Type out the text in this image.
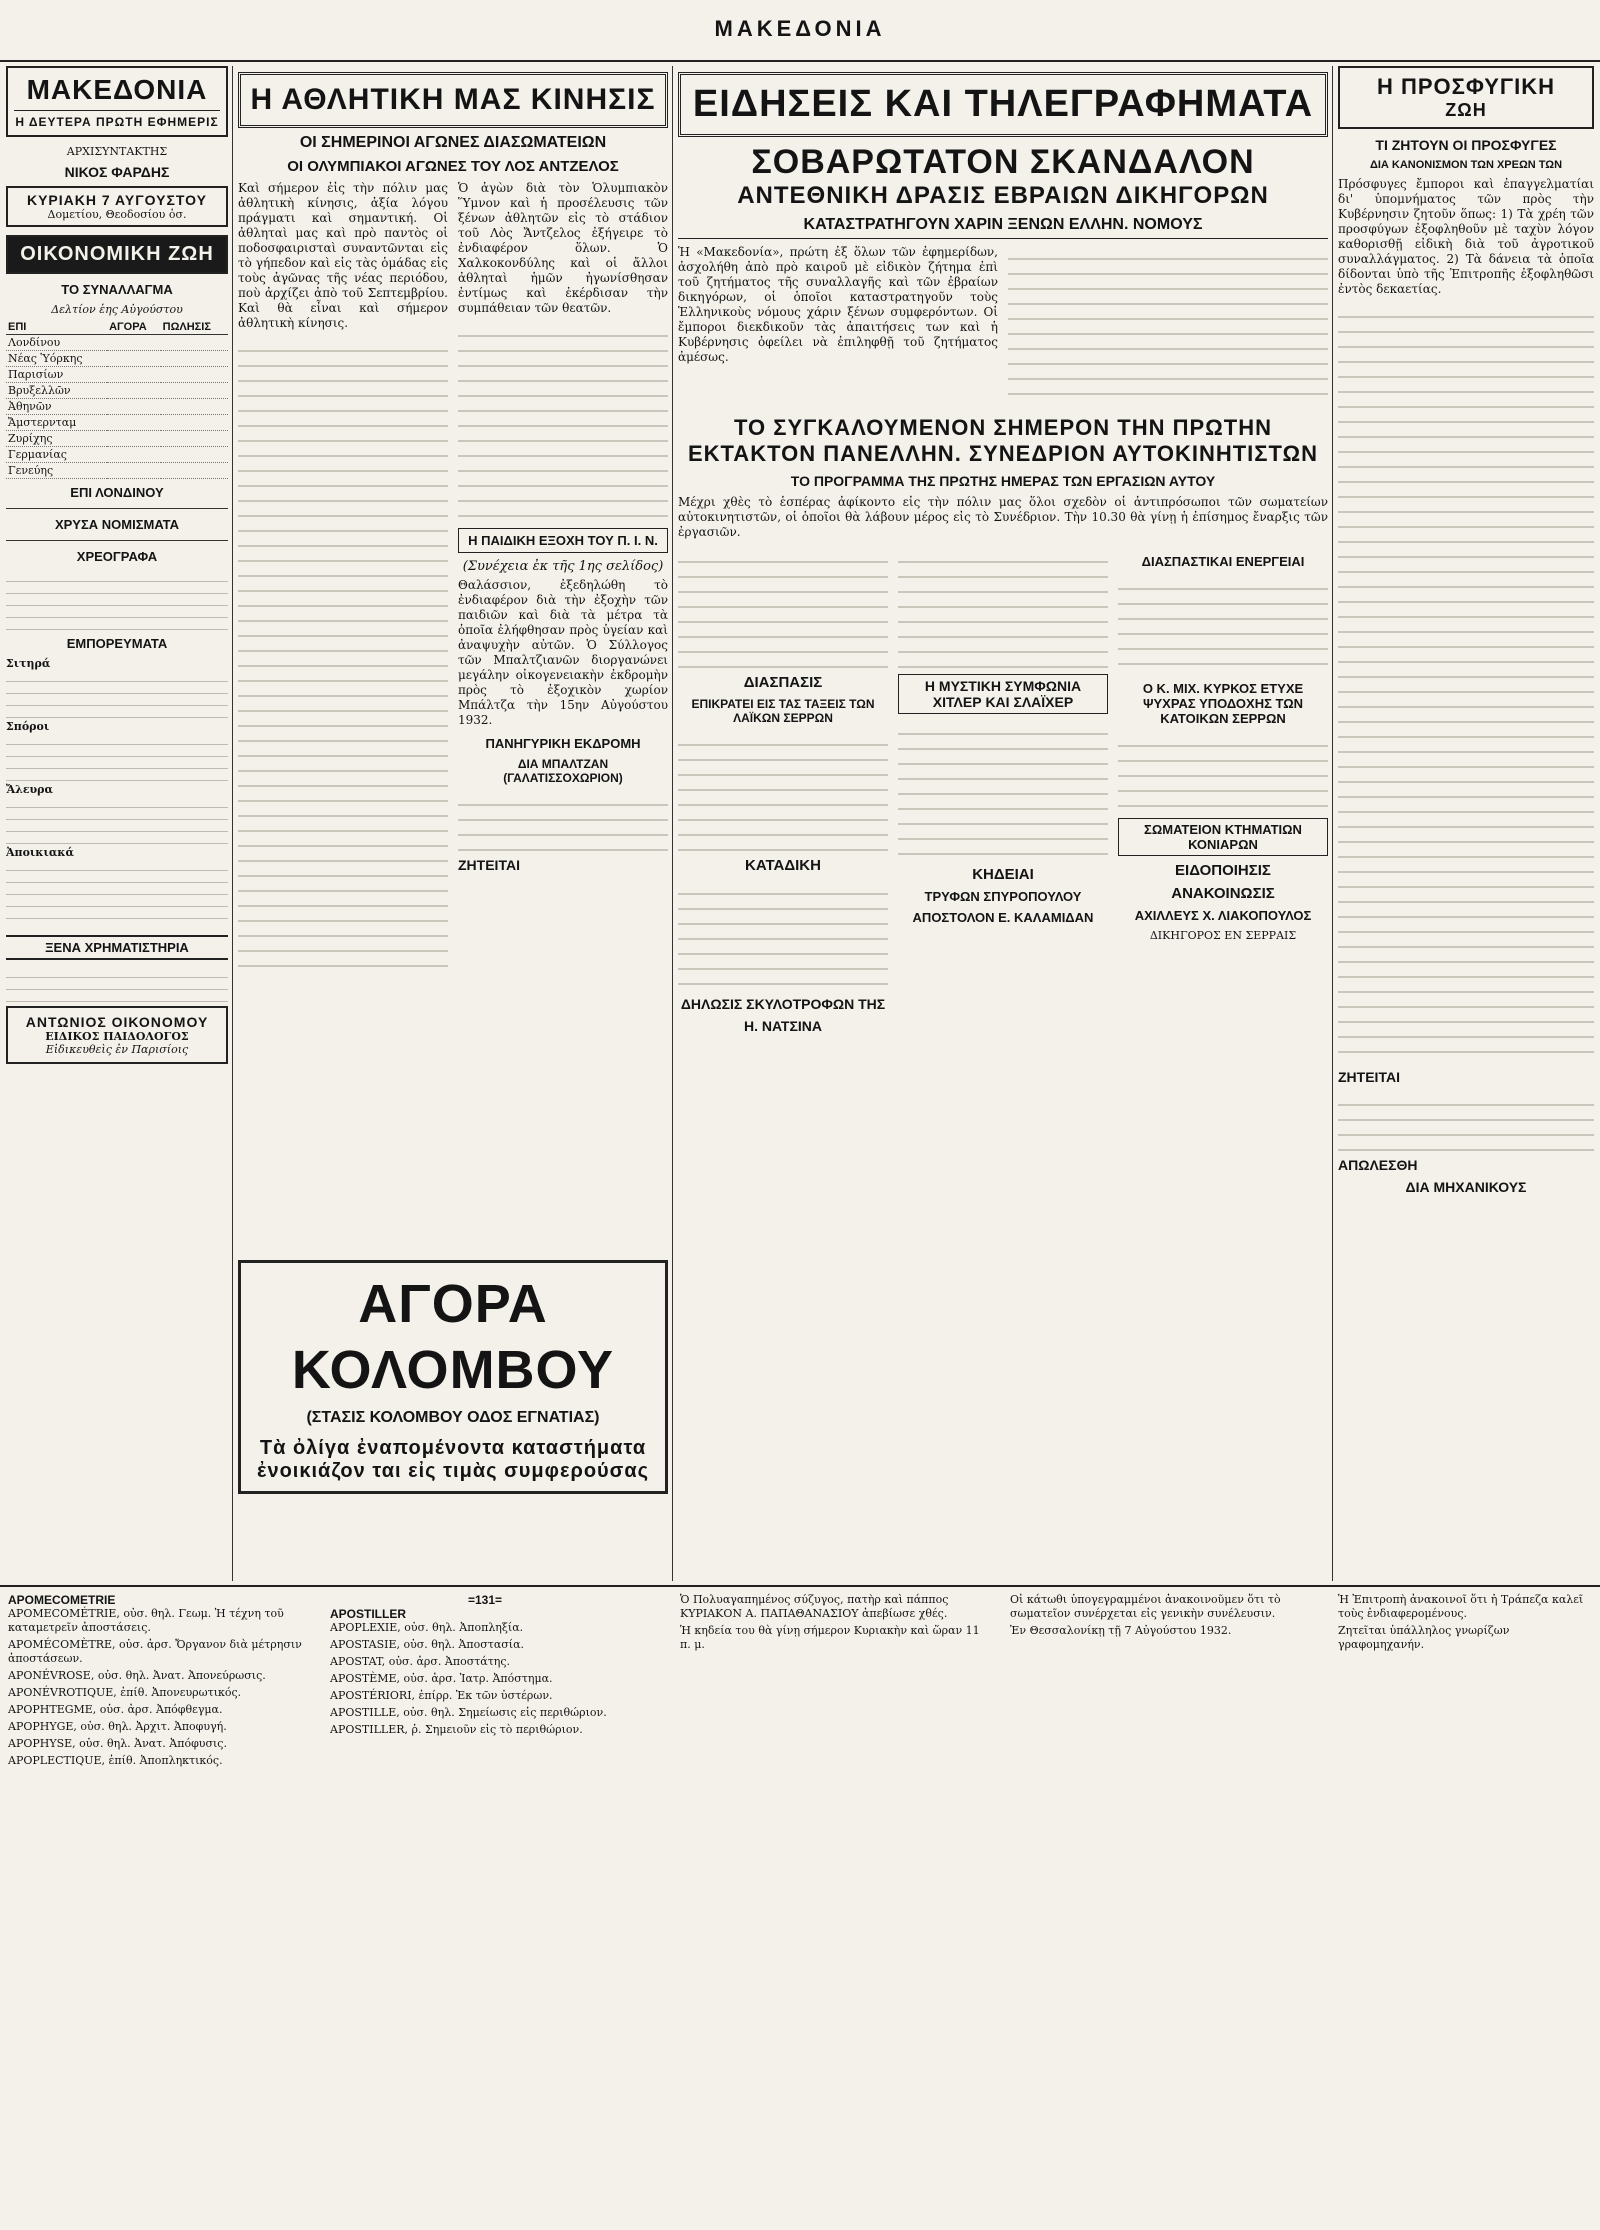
ΜΑΚΕΔΟΝΙΑ
ΜΑΚΕΔΟΝΙΑ
Η ΔΕΥΤΕΡΑ ΠΡΩΤΗ ΕΦΗΜΕΡΙΣ
ΑΡΧΙΣΥΝΤΑΚΤΗΣ
ΝΙΚΟΣ ΦΑΡΔΗΣ
ΚΥΡΙΑΚΗ 7 ΑΥΓΟΥΣΤΟΥ
Δομετίου, Θεοδοσίου ὁσ.
ΟΙΚΟΝΟΜΙΚΗ ΖΩΗ
ΤΟ ΣΥΝΑΛΛΑΓΜΑ
Δελτίον ἑης Αὐγούστου
ΕΠΙ	ΑΓΟΡΑ	ΠΩΛΗΣΙΣ
Λονδίνου		
Νέας Ὑόρκης		
Παρισίων		
Βρυξελλῶν		
Ἀθηνῶν		
Ἄμστερνταμ		
Ζυρίχης		
Γερμανίας		
Γενεύης		
ΕΠΙ ΛΟΝΔΙΝΟΥ
ΧΡΥΣΑ ΝΟΜΙΣΜΑΤΑ
ΧΡΕΟΓΡΑΦΑ
ΕΜΠΟΡΕΥΜΑΤΑ
Σιτηρά
Σπόροι
Ἄλευρα
Ἀποικιακά
ΞΕΝΑ ΧΡΗΜΑΤΙΣΤΗΡΙΑ
ΑΝΤΩΝΙΟΣ ΟΙΚΟΝΟΜΟΥ
ΕΙΔΙΚΟΣ ΠΑΙΔΟΛΟΓΟΣ
Εἰδικευθεὶς ἐν Παρισίοις
Η ΑΘΛΗΤΙΚΗ ΜΑΣ ΚΙΝΗΣΙΣ
ΟΙ ΣΗΜΕΡΙΝΟΙ ΑΓΩΝΕΣ ΔΙΑΣΩΜΑΤΕΙΩΝ
ΟΙ ΟΛΥΜΠΙΑΚΟΙ ΑΓΩΝΕΣ ΤΟΥ ΛΟΣ ΑΝΤΖΕΛΟΣ
Καὶ σήμερον ἐἰς τὴν πόλιν μας ἀθλητικὴ κίνησις, ἀξία λόγου πράγματι καὶ σημαντική. Οἱ ἀθληταὶ μας καὶ πρὸ παντὸς οἱ ποδοσφαιρισταὶ συναντῶνται εἰς τὸ γήπεδον καὶ εἰς τὰς ὁμάδας εἰς τοὺς ἀγῶνας τῆς νέας περιόδου, ποὺ ἀρχίζει ἀπὸ τοῦ Σεπτεμβρίου. Καὶ θὰ εἶναι καὶ σήμερον ἀθλητικὴ κίνησις.
Ὁ ἀγὼν διὰ τὸν Ὁλυμπιακὸν Ὕμνον καὶ ἡ προσέλευσις τῶν ξένων ἀθλητῶν εἰς τὸ στάδιον τοῦ Λὸς Ἄντζελος ἐξήγειρε τὸ ἐνδιαφέρον ὅλων. Ὁ Χαλκοκονδύλης καὶ οἱ ἄλλοι ἀθληταὶ ἡμῶν ἠγωνίσθησαν ἐντίμως καὶ ἐκέρδισαν τὴν συμπάθειαν τῶν θεατῶν.
Η ΠΑΙΔΙΚΗ ΕΞΟΧΗ ΤΟΥ Π. Ι. Ν.
(Συνέχεια ἐκ τῆς 1ης σελίδος)
Θαλάσσιον, ἐξεδηλώθη τὸ ἐνδιαφέρον διὰ τὴν ἐξοχὴν τῶν παιδιῶν καὶ διὰ τὰ μέτρα τὰ ὁποῖα ἐλήφθησαν πρὸς ὑγείαν καὶ ἀναψυχὴν αὐτῶν. Ὁ Σύλλογος τῶν Μπαλτζιανῶν διοργανώνει μεγάλην οἰκογενειακὴν ἐκδρομὴν πρὸς τὸ ἐξοχικὸν χωρίον Μπάλτζα τὴν 15ην Αὐγούστου 1932.
ΠΑΝΗΓΥΡΙΚΗ ΕΚΔΡΟΜΗ
ΔΙΑ ΜΠΑΛΤΖΑΝ (ΓΑΛΑΤΙΣΣΟΧΩΡΙΟΝ)
ΖΗΤΕΙΤΑΙ
ΑΓΟΡΑ ΚΟΛΟΜΒΟΥ
(ΣΤΑΣΙΣ ΚΟΛΟΜΒΟΥ ΟΔΟΣ ΕΓΝΑΤΙΑΣ)
Τὰ ὀλίγα ἐναπομένοντα καταστήματα ἐνοικιάζον ται εἰς τιμὰς συμφερούσας
ΕΙΔΗΣΕΙΣ ΚΑΙ ΤΗΛΕΓΡΑΦΗΜΑΤΑ
ΣΟΒΑΡΩΤΑΤΟΝ ΣΚΑΝΔΑΛΟΝ
ΑΝΤΕΘΝΙΚΗ ΔΡΑΣΙΣ ΕΒΡΑΙΩΝ ΔΙΚΗΓΟΡΩΝ
ΚΑΤΑΣΤΡΑΤΗΓΟΥΝ ΧΑΡΙΝ ΞΕΝΩΝ ΕΛΛΗΝ. ΝΟΜΟΥΣ
Ἡ «Μακεδονία», πρώτη ἐξ ὅλων τῶν ἐφημερίδων, ἀσχολήθη ἀπὸ πρὸ καιροῦ μὲ εἰδικὸν ζήτημα ἐπὶ τοῦ ζητήματος τῆς συναλλαγῆς καὶ τῶν ἐβραίων δικηγόρων, οἱ ὁποῖοι καταστρατηγοῦν τοὺς Ἑλληνικοὺς νόμους χάριν ξένων συμφερόντων. Οἱ ἔμποροι διεκδικοῦν τὰς ἀπαιτήσεις των καὶ ἡ Κυβέρνησις ὀφείλει νὰ ἐπιληφθῇ τοῦ ζητήματος ἀμέσως.
ΤΟ ΣΥΓΚΑΛΟΥΜΕΝΟΝ ΣΗΜΕΡΟΝ ΤΗΝ ΠΡΩΤΗΝ ΕΚΤΑΚΤΟΝ ΠΑΝΕΛΛΗΝ. ΣΥΝΕΔΡΙΟΝ ΑΥΤΟΚΙΝΗΤΙΣΤΩΝ
ΤΟ ΠΡΟΓΡΑΜΜΑ ΤΗΣ ΠΡΩΤΗΣ ΗΜΕΡΑΣ ΤΩΝ ΕΡΓΑΣΙΩΝ ΑΥΤΟΥ
Μέχρι χθὲς τὸ ἑσπέρας ἀφίκοντο εἰς τὴν πόλιν μας ὅλοι σχεδὸν οἱ ἀντιπρόσωποι τῶν σωματείων αὐτοκινητιστῶν, οἱ ὁποῖοι θὰ λάβουν μέρος εἰς τὸ Συνέδριον. Τὴν 10.30 θὰ γίνῃ ἡ ἐπίσημος ἔναρξις τῶν ἐργασιῶν.
ΔΙΑΣΠΑΣΙΣ
ΕΠΙΚΡΑΤΕΙ ΕΙΣ ΤΑΣ ΤΑΞΕΙΣ ΤΩΝ ΛΑΪΚΩΝ ΣΕΡΡΩΝ
ΚΑΤΑΔΙΚΗ
ΔΗΛΩΣΙΣ ΣΚΥΛΟΤΡΟΦΩΝ ΤΗΣ
Η. ΝΑΤΣΙΝΑ
Η ΜΥΣΤΙΚΗ ΣΥΜΦΩΝΙΑ ΧΙΤΛΕΡ ΚΑΙ ΣΛΑΪΧΕΡ
ΚΗΔΕΙΑΙ
ΤΡΥΦΩΝ ΣΠΥΡΟΠΟΥΛΟΥ
ΑΠΟΣΤΟΛΟΝ Ε. ΚΑΛΑΜΙΔΑΝ
ΔΙΑΣΠΑΣΤΙΚΑΙ ΕΝΕΡΓΕΙΑΙ
Ο Κ. ΜΙΧ. ΚΥΡΚΟΣ ΕΤΥΧΕ ΨΥΧΡΑΣ ΥΠΟΔΟΧΗΣ ΤΩΝ ΚΑΤΟΙΚΩΝ ΣΕΡΡΩΝ
ΣΩΜΑΤΕΙΟΝ ΚΤΗΜΑΤΙΩΝ ΚΟΝΙΑΡΩΝ
ΕΙΔΟΠΟΙΗΣΙΣ
ΑΝΑΚΟΙΝΩΣΙΣ
ΑΧΙΛΛΕΥΣ Χ. ΛΙΑΚΟΠΟΥΛΟΣ
ΔΙΚΗΓΟΡΟΣ ΕΝ ΣΕΡΡΑΙΣ
Η ΠΡΟΣΦΥΓΙΚΗ
ΖΩΗ
ΤΙ ΖΗΤΟΥΝ ΟΙ ΠΡΟΣΦΥΓΕΣ
ΔΙΑ ΚΑΝΟΝΙΣΜΟΝ ΤΩΝ ΧΡΕΩΝ ΤΩΝ
Πρόσφυγες ἔμποροι καὶ ἐπαγγελματίαι δι' ὑπομνήματος τῶν πρὸς τὴν Κυβέρνησιν ζητοῦν ὅπως: 1) Τὰ χρέη τῶν προσφύγων ἐξοφληθοῦν μὲ ταχὺν λόγον καθορισθῇ εἰδικὴ διὰ τοῦ ἀγροτικοῦ συναλλάγματος. 2) Τὰ δάνεια τὰ ὁποῖα δίδονται ὑπὸ τῆς Ἐπιτροπῆς ἐξοφληθῶσι ἐντὸς δεκαετίας.
ΖΗΤΕΙΤΑΙ
ΑΠΩΛΕΣΘΗ
ΔΙΑ ΜΗΧΑΝΙΚΟΥΣ
APOMECOMETRIE

APOMECOMÉTRIE, οὐσ. θηλ. Γεωμ. Ἡ τέχνη τοῦ καταμετρεῖν ἀποστάσεις.

APOMÉCOMÈTRE, οὐσ. ἀρσ. Ὄργανον διὰ μέτρησιν ἀποστάσεων.

APONÉVROSE, οὐσ. θηλ. Ἀνατ. Ἀπονεύρωσις.

APONÉVROTIQUE, ἐπίθ. Ἀπονευρωτικός.

APOPHTEGME, οὐσ. ἀρσ. Ἀπόφθεγμα.

APOPHYGE, οὐσ. θηλ. Ἀρχιτ. Ἀποφυγή.

APOPHYSE, οὐσ. θηλ. Ἀνατ. Ἀπόφυσις.

APOPLECTIQUE, ἐπίθ. Ἀποπληκτικός.

=131=
APOSTILLER

APOPLEXIE, οὐσ. θηλ. Ἀποπληξία.

APOSTASIE, οὐσ. θηλ. Ἀποστασία.

APOSTAT, οὐσ. ἀρσ. Ἀποστάτης.

APOSTÈME, οὐσ. ἀρσ. Ἰατρ. Ἀπόστημα.

APOSTÉRIORI, ἐπίρρ. Ἐκ τῶν ὑστέρων.

APOSTILLE, οὐσ. θηλ. Σημείωσις εἰς περιθώριον.

APOSTILLER, ῥ. Σημειοῦν εἰς τὸ περιθώριον.

Ὁ Πολυαγαπημένος σύζυγος, πατὴρ καὶ πάππος ΚΥΡΙΑΚΟΝ Α. ΠΑΠΑΘΑΝΑΣΙΟΥ ἀπεβίωσε χθές.

Ἡ κηδεία του θὰ γίνῃ σήμερον Κυριακὴν καὶ ὥραν 11 π. μ.

Οἱ κάτωθι ὑπογεγραμμένοι ἀνακοινοῦμεν ὅτι τὸ σωματεῖον συνέρχεται εἰς γενικὴν συνέλευσιν.

Ἐν Θεσσαλονίκῃ τῇ 7 Αὐγούστου 1932.

Ἡ Ἐπιτροπὴ ἀνακοινοῖ ὅτι ἡ Τράπεζα καλεῖ τοὺς ἐνδιαφερομένους.

Ζητεῖται ὑπάλληλος γνωρίζων γραφομηχανήν.
